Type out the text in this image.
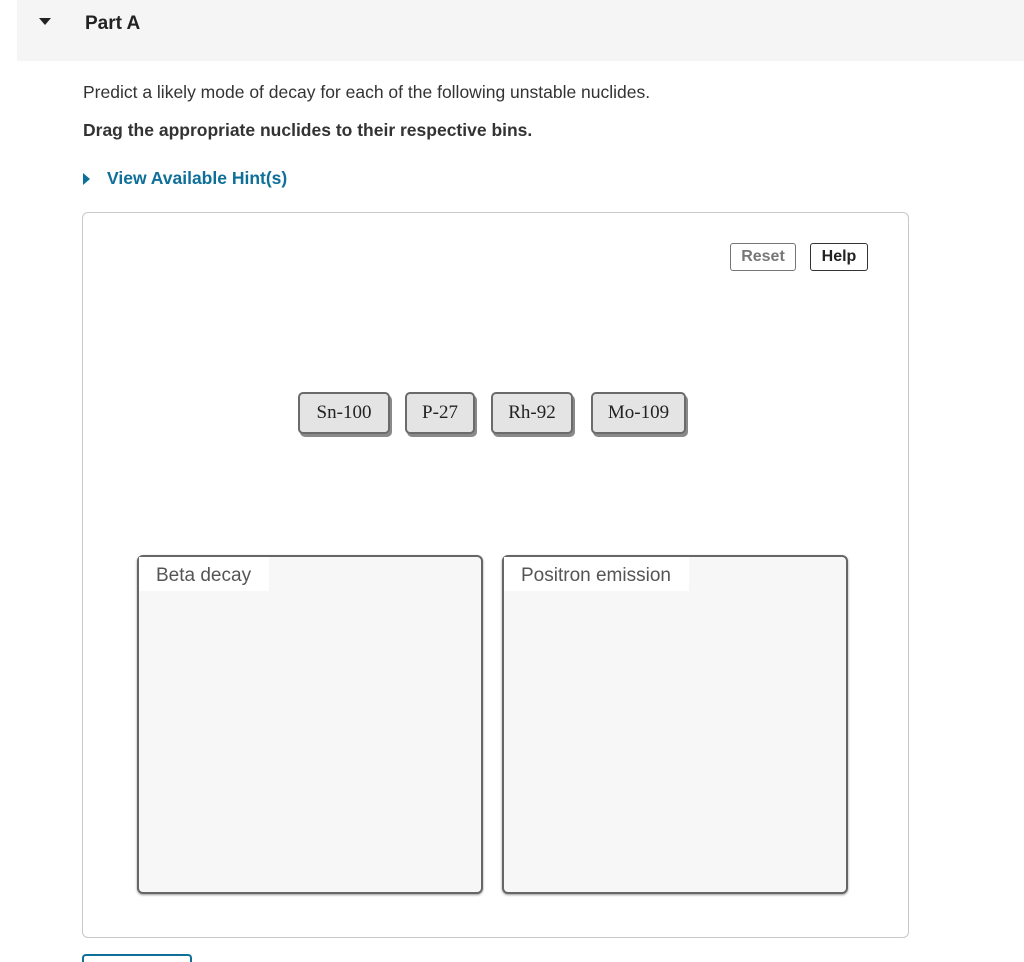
Part A
Predict a likely mode of decay for each of the following unstable nuclides.
Drag the appropriate nuclides to their respective bins.
View Available Hint(s)
Reset	Help
Sn-100	P-27	Rh-92	Mo-109
Beta decay	Positron emission
